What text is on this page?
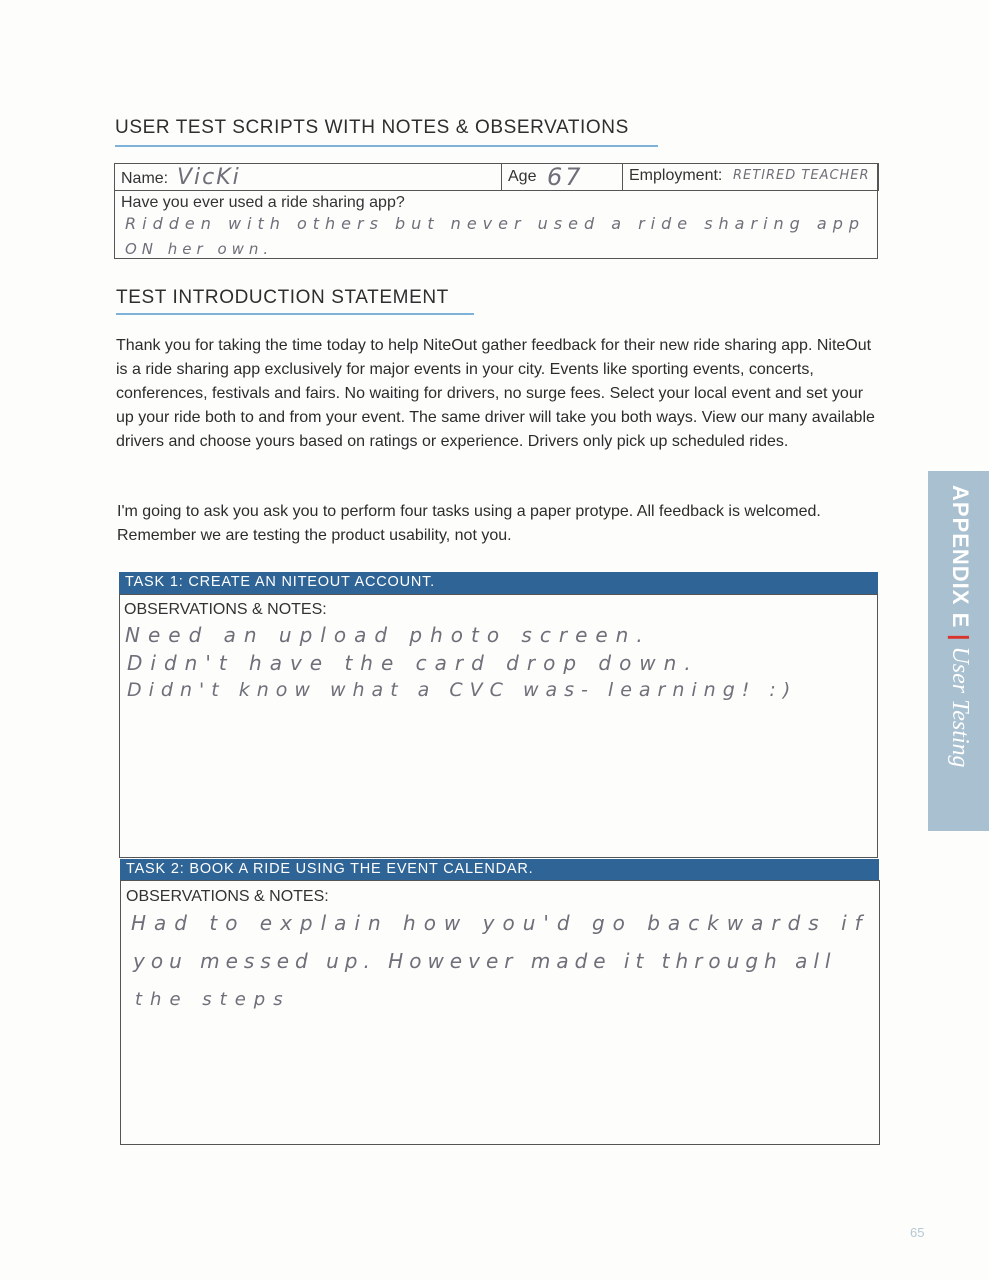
USER TEST SCRIPTS WITH NOTES & OBSERVATIONS
Name: VicKi	Age 67	Employment: RETIRED TEACHER
Have you ever used a ride sharing app?
Ridden with others but never used a ride sharing app
ON her own.
TEST INTRODUCTION STATEMENT
Thank you for taking the time today to help NiteOut gather feedback for their new ride sharing app. NiteOut is a ride sharing app exclusively for major events in your city. Events like sporting events, concerts, conferences, festivals and fairs. No waiting for drivers, no surge fees. Select your local event and set your up your ride both to and from your event. The same driver will take you both ways. View our many available drivers and choose yours based on ratings or experience. Drivers only pick up scheduled rides.
I'm going to ask you ask you to perform four tasks using a paper protype. All feedback is welcomed. Remember we are testing the product usability, not you.
TASK 1: CREATE AN NITEOUT ACCOUNT.
OBSERVATIONS & NOTES:
Need an upload photo screen.
Didn't have the card drop down.
Didn't know what a CVC was- learning! :)
TASK 2: BOOK A RIDE USING THE EVENT CALENDAR.
OBSERVATIONS & NOTES:
Had to explain how you'd go backwards if
you messed up. However made it through all
the steps
APPENDIX E|User Testing
65
